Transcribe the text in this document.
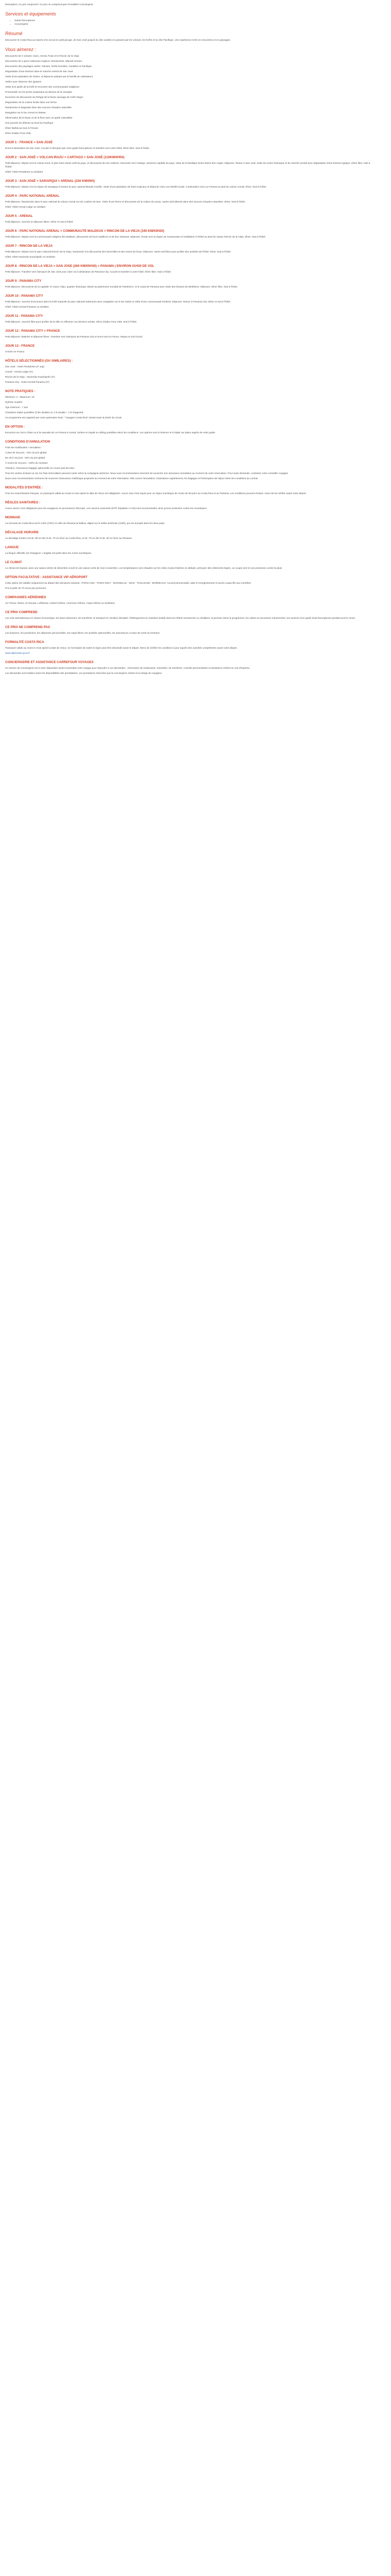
Description: Ce prix comprend / Ce prix ne comprend pas Formalités Conciergerie

Services et équipements
• Guide francophone
• Conciergerie
Résumé

Découvrez le Costa Rica au travers d'un circuit en petit groupe, de San José jusqu'à la côte caraïbe en passant par les volcans, les forêts et la côte Pacifique. Une expérience riche en rencontres et en paysages.

Vous aimerez :

Découverte de 3 volcans: Irazú, Arenal, Poás et le Rincón de la Vieja

Découverte de 2 parcs nationaux majeurs: Monteverde, Manuel Antonio

Découverte des paysages variés: Volcans, forêts humides, Caraïbes et Pacifique

Dégustation d'une boisson dans le marché central de San José

Visite d'une plantation de mixtes, et déjeuner préparé par la famille de cultivateurs

Atelier pour observer des iguanes

Visite d'un jardin de la forêt et rencontre des communautés indigènes

Promenade sur les ponts suspendus au-dessus de la canopée

Excursion de découverte du Refuge de la faune sauvage de Caño Negro

Dégustation de la cuisine locale dans une ferme

Randonnée et baignade dans des sources chaudes naturelles

Navigation sur le lac Arenal en bateau

Observation de la faune et de la flore avec un guide naturaliste

Une journée de détente au bord du Pacifique

Dîner Barbecue tous à l'Ocean

Dîner d'adieu Pura Vida

JOUR 1 : FRANCE > SAN JOSÉ

Envol à destination de San José. Accueil à l'aéroport par votre guide francophone et transfert vers votre hôtel. Dîner libre. Nuit à l'hôtel.

JOUR 2 : SAN JOSÉ > VOLCAN IRAZU > CARTAGO > SAN JOSÉ (110KM/0H50)

Petit-déjeuner. Départ vers le volcan Irazú, le plus haut volcan actif du pays, et découverte de ses cratères. Descente vers Cartago, ancienne capitale du pays, visite de la basilique Notre-Dame des Anges. Déjeuner. Retour à San José, visite du centre historique et du marché central avec dégustation d'une boisson typique. Dîner libre. Nuit à l'hôtel.

Hôtel: Hôtel Presidente ou similaire

JOUR 3 : SAN JOSÉ > SARAPIQUI > ARENAL (230 KM/05H)

Petit-déjeuner. Départ vers la région de Sarapiquí à travers le parc national Braulio Carrillo. Visite d'une plantation de fruits tropicaux et déjeuner chez une famille locale. Continuation vers La Fortuna au pied du volcan Arenal. Dîner. Nuit à l'hôtel.

JOUR 4 : PARC NATIONAL ARENAL

Petit-déjeuner. Randonnée dans le parc national du volcan Arenal sur les coulées de lave. Visite d'une ferme et découverte de la culture du cacao. Après-midi détente dans des sources chaudes naturelles. Dîner. Nuit à l'hôtel.

Hôtel: Hôtel Arenal Lodge ou similaire

JOUR 5 : ARENAL

Petit-déjeuner. Journée et déjeuner libres. Dîner et nuit à l'hôtel.

JOUR 6 : PARC NATIONAL ARENAL > COMMUNAUTÉ MALEKUS > RINCON DE LA VIEJA (195 KM/03H20)

Petit-déjeuner. Départ vers la communauté indigène des Malekus, découverte de leurs traditions et de leur artisanat. Déjeuner. Route vers la région du Guanacaste et installation à l'hôtel au pied du volcan Rincón de la Vieja. Dîner. Nuit à l'hôtel.

JOUR 7 : RINCON DE LA VIEJA

Petit-déjeuner. Départ vers le parc national Rincón de la Vieja, randonnée à la découverte des fumerolles et des mares de boue. Déjeuner. Après-midi libre pour profiter des activités de l'hôtel. Dîner. Nuit à l'hôtel.

Hôtel: Hôtel Hacienda Guachipelín ou similaire

JOUR 8 : RINCON DE LA VIEJA > SAN JOSE (260 KM/05H30) > PANAMA | ENVIRON 01H30 DE VOL

Petit-déjeuner. Transfert vers l'aéroport de San José pour votre vol à destination de Panama City. Accueil et transfert à votre hôtel. Dîner libre. Nuit à l'hôtel.

JOUR 9 : PANAMA CITY

Petit-déjeuner. Découverte de la capitale: le Casco Viejo, quartier historique classé au patrimoine mondial de l'UNESCO, et le canal de Panama avec visite des écluses de Miraflores. Déjeuner. Dîner libre. Nuit à l'hôtel.

JOUR 10 : PANAMA CITY

Petit-déjeuner. Journée d'excursion dans la forêt tropicale du parc national Soberanía avec navigation sur le lac Gatún et visite d'une communauté Emberá. Déjeuner. Retour à Panama City. Dîner et nuit à l'hôtel.

Hôtel: Hôtel Central Panama ou similaire

JOUR 11 : PANAMA CITY

Petit-déjeuner. Journée libre pour profiter de la ville ou effectuer vos derniers achats. Dîner d'adieu Pura Vida. Nuit à l'hôtel.

JOUR 12 : PANAMA CITY > FRANCE

Petit-déjeuner. Matinée et déjeuner libres. Transfert vers l'aéroport de Panama City et envol vers la France. Repas et nuit à bord.

JOUR 13 : FRANCE

Arrivée en France.

HÔTELS SÉLECTIONNÉS (OU SIMILAIRES) :

San José : Hotel Presidente (3* sup)

Arenal : Arenal Lodge (3*)

Rincón de la Vieja : Hacienda Guachipelín (3*)

Panama City : Hotel Central Panama (4*)

NOTE PRATIQUES :

Minimum: 2 - Maximum: 16

Rythme modéré

Âge minimum : 7 ans

Chambres triples possibles (2 lits doubles ou 1 lit double + 1 lit d'appoint)

Ce programme est organisé par notre partenaire local : "Voyages Costa Rica" durant toute la durée du circuit.

EN OPTION :

Excursion au Cerro Chato ou à la cascade de La Fortuna à Arenal. Sorties en kayak ou rafting possibles selon les conditions. Les options sont à réserver et à régler sur place auprès de votre guide.

CONDITIONS D'ANNULATION

Frais de modification / annulation :

À plus de 30 jours : 15% du prix global

De 30 à 15 jours : 50% du prix global

À moins de 15 jours : 100% du montant

Attention, l'assurance bagage optionnelle ne couvre pas les frais.

Pour les ventes incluant un vol, les frais d'annulation peuvent varier selon la compagnie aérienne. Nous vous recommandons vivement de souscrire une assurance annulation au moment de votre réservation. Pour toute demande, contactez votre conseiller voyages.

Nous vous recommandons vivement de souscrire l'assurance multirisque proposée au moment de votre réservation. Elle couvre l'annulation, l'assistance rapatriement, les bagages et l'interruption de séjour selon les conditions du contrat.

MODALITÉS D'ENTRÉE :

Pour les ressortissants français, un passeport valide au moins 6 mois après la date de retour est obligatoire. Aucun visa n'est requis pour un séjour touristique de moins de 90 jours au Costa Rica et au Panama. Les conditions peuvent évoluer, merci de les vérifier avant votre départ.

RÈGLES SANITAIRES :

Aucun vaccin n'est obligatoire pour les voyageurs en provenance d'Europe. Les vaccins universels (DTP, hépatites A et B) sont recommandés, ainsi qu'une protection contre les moustiques.

MONNAIE

La monnaie du Costa Rica est le colón (CRC) et celle du Panama le balboa, aligné sur le dollar américain (USD), qui est accepté dans les deux pays.

DÉCALAGE HORAIRE

Le décalage horaire est de -8h en été et de -7h en hiver au Costa Rica, et de -7h en été et de -6h en hiver au Panama.

LANGUE

La langue officielle est l'espagnol. L'anglais est parlé dans les zones touristiques.

LE CLIMAT

Le climat est tropical, avec une saison sèche de décembre à avril et une saison verte de mai à novembre. Les températures sont chaudes sur les côtes et plus fraîches en altitude, prévoyez des vêtements légers, un coupe-vent et une protection contre la pluie.

OPTION FACULTATIVE : ASSISTANCE VIP AÉROPORT

Cette option est valable uniquement au départ des aéroports suivants : PARIS CDG - PARIS ORLY - MARSEILLE - NICE - TOULOUSE - BORDEAUX. Accueil personnalisé, aide à l'enregistrement et accès coupe-file aux contrôles.

Prix à partir de 70 euros par personne.

COMPAGNIES AÉRIENNES

Air France, Iberia, Air Europa, Lufthansa, United Airlines, American Airlines, Copa Airlines ou similaires.

CE PRIX COMPREND

Les vols internationaux en classe économique, les taxes aériennes, les transferts, le transport en minibus climatisé, l'hébergement en chambre double dans les hôtels mentionnés ou similaires, la pension selon le programme, les visites et excursions mentionnées, les services d'un guide local francophone pendant tout le circuit.

CE PRIX NE COMPREND PAS

Les boissons, les pourboires, les dépenses personnelles, les repas libres, les activités optionnelles, les assurances, la taxe de sortie du territoire.

FORMALITÉ COSTA RICA

Passeport valide au moins 6 mois après la date de retour. Un formulaire de santé en ligne peut être demandé avant le départ. Merci de vérifier les conditions à jour auprès des autorités compétentes avant votre départ.

www.diplomatie.gouv.fr

CONCIERGERIE ET ASSISTANCE CARREFOUR VOYAGES

Un service de conciergerie est à votre disposition avant et pendant votre voyage pour répondre à vos demandes : réservation de restaurants, d'activités, de transferts, conseils personnalisés et assistance 24h/24 en cas d'imprévu.

Les demandes sont traitées selon les disponibilités des prestataires. Les prestations réservées par la conciergerie restent à la charge du voyageur.
